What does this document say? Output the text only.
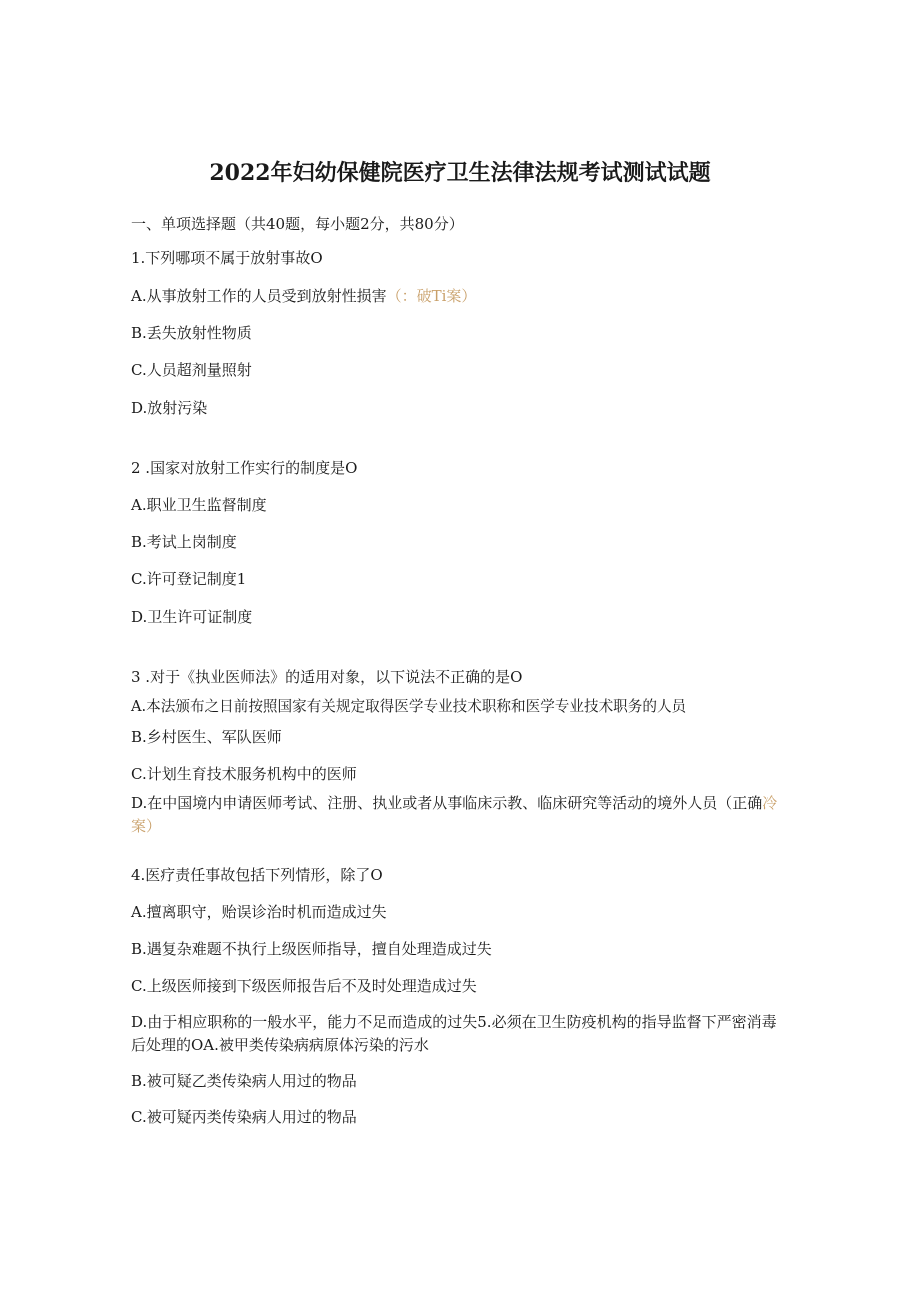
2022年妇幼保健院医疗卫生法律法规考试测试试题
一、单项选择题（共40题，每小题2分，共80分）
1.下列哪项不属于放射事故O
A.从事放射工作的人员受到放射性损害（：破Ti案）
B.丢失放射性物质
C.人员超剂量照射
D.放射污染
2 .国家对放射工作实行的制度是O
A.职业卫生监督制度
B.考试上岗制度
C.许可登记制度1
D.卫生许可证制度
3 .对于《执业医师法》的适用对象，以下说法不正确的是O
A.本法颁布之日前按照国家有关规定取得医学专业技术职称和医学专业技术职务的人员
B.乡村医生、军队医师
C.计划生育技术服务机构中的医师
D.在中国境内申请医师考试、注册、执业或者从事临床示教、临床研究等活动的境外人员（正确冷案）
4.医疗责任事故包括下列情形，除了O
A.擅离职守，贻误诊治时机而造成过失
B.遇复杂难题不执行上级医师指导，擅自处理造成过失
C.上级医师接到下级医师报告后不及时处理造成过失
D.由于相应职称的一般水平，能力不足而造成的过失5.必须在卫生防疫机构的指导监督下严密消毒后处理的OA.被甲类传染病病原体污染的污水
B.被可疑乙类传染病人用过的物品
C.被可疑丙类传染病人用过的物品
